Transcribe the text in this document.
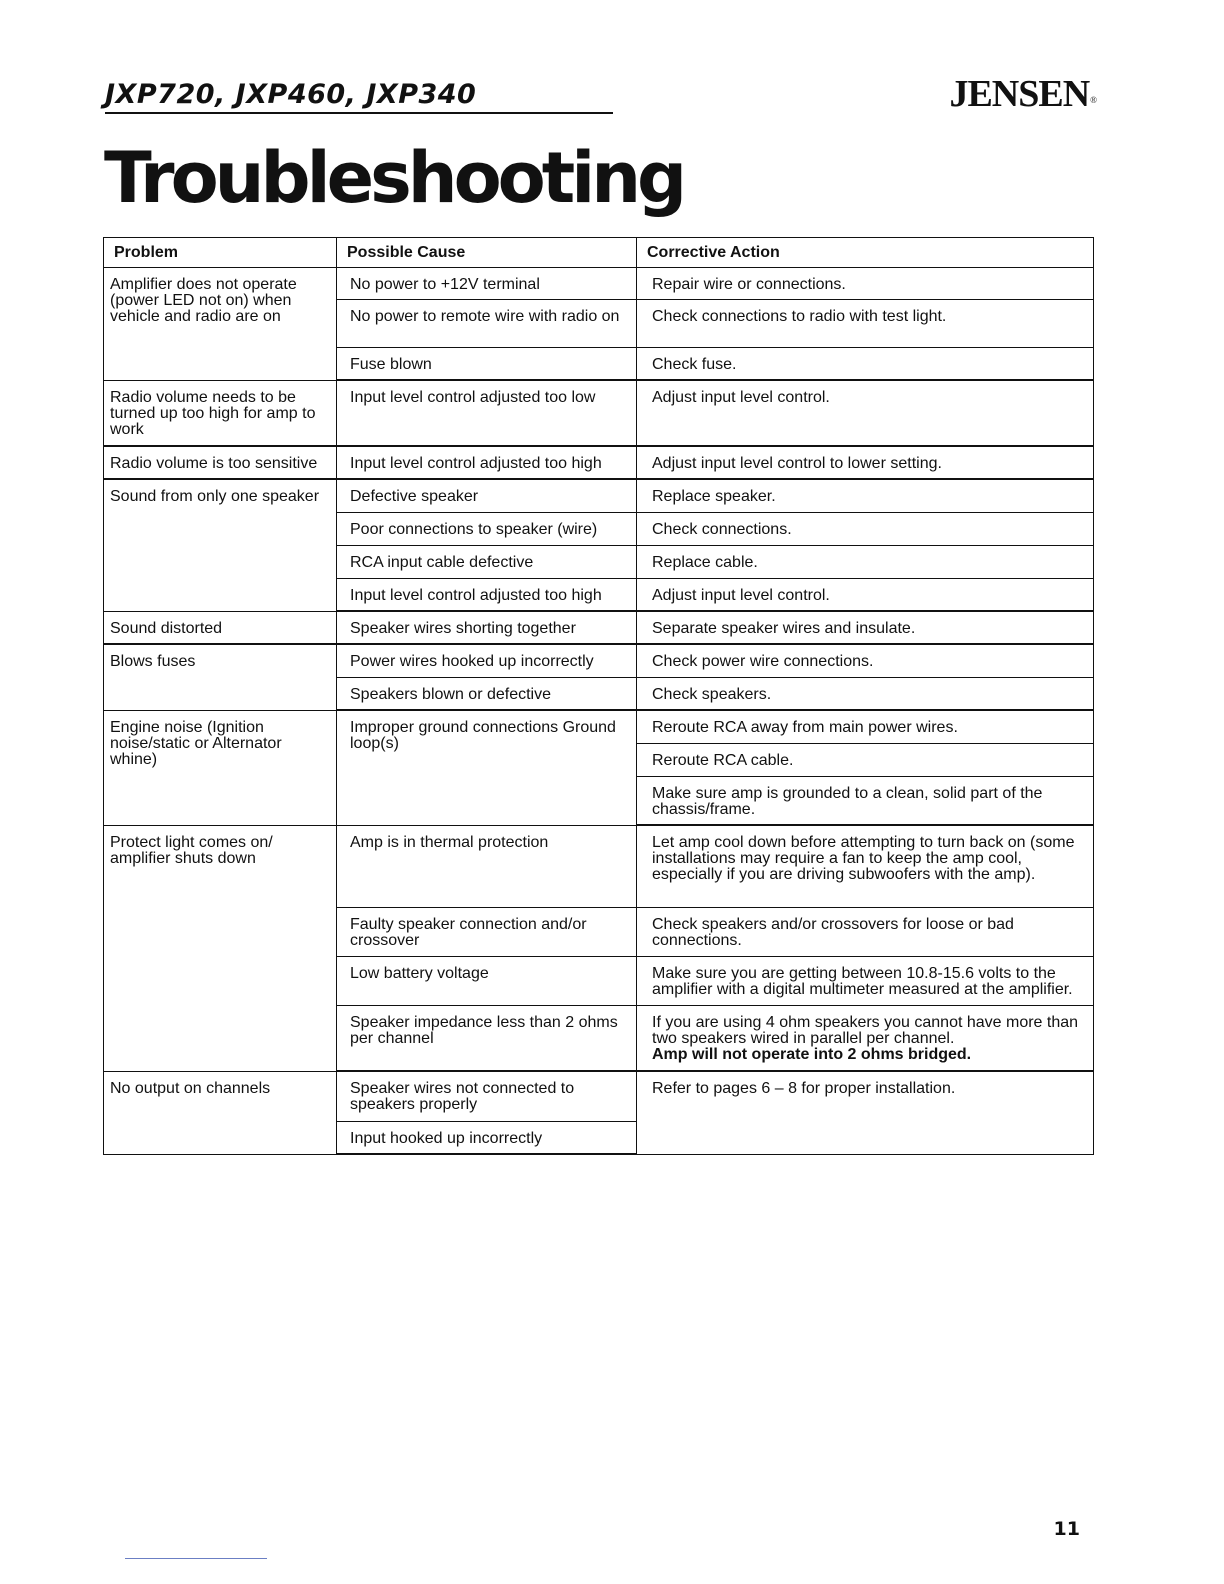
JXP720, JXP460, JXP340	JENSEN®
Troubleshooting
Problem	Possible Cause	Corrective Action
Amplifier does not operate (power LED not on) when vehicle and radio are on	No power to +12V terminal	Repair wire or connections.
	No power to remote wire with radio on	Check connections to radio with test light.
	Fuse blown	Check fuse.
Radio volume needs to be turned up too high for amp to work	Input level control adjusted too low	Adjust input level control.
Radio volume is too sensitive	Input level control adjusted too high	Adjust input level control to lower setting.
Sound from only one speaker	Defective speaker	Replace speaker.
	Poor connections to speaker (wire)	Check connections.
	RCA input cable defective	Replace cable.
	Input level control adjusted too high	Adjust input level control.
Sound distorted	Speaker wires shorting together	Separate speaker wires and insulate.
Blows fuses	Power wires hooked up incorrectly	Check power wire connections.
	Speakers blown or defective	Check speakers.
Engine noise (Ignition noise/static or Alternator whine)	Improper ground connections Ground loop(s)	Reroute RCA away from main power wires.
		Reroute RCA cable.
		Make sure amp is grounded to a clean, solid part of the chassis/frame.
Protect light comes on/ amplifier shuts down	Amp is in thermal protection	Let amp cool down before attempting to turn back on (some installations may require a fan to keep the amp cool, especially if you are driving subwoofers with the amp).
	Faulty speaker connection and/or crossover	Check speakers and/or crossovers for loose or bad connections.
	Low battery voltage	Make sure you are getting between 10.8-15.6 volts to the amplifier with a digital multimeter measured at the amplifier.
	Speaker impedance less than 2 ohms per channel	If you are using 4 ohm speakers you cannot have more than two speakers wired in parallel per channel.
Amp will not operate into 2 ohms bridged.

No output on channels	Speaker wires not connected to speakers properly	Refer to pages 6 – 8 for proper installation.
	Input hooked up incorrectly	
11
